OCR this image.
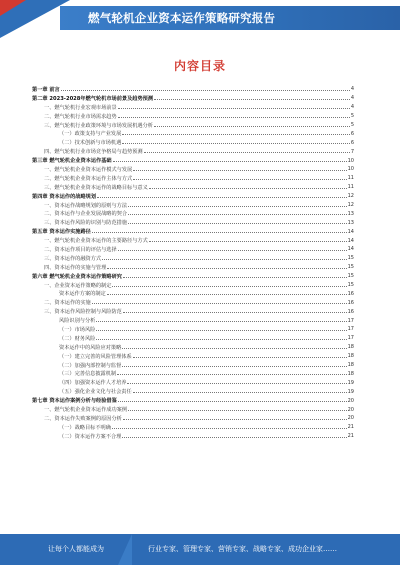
燃气轮机企业资本运作策略研究报告
内容目录
第一章 前言	4
第二章 2023-2028年燃气轮机市场前景及趋势预测	4
一、燃气轮机行业宏观市场前景	4
二、燃气轮机行业市场需求趋势	5
三、燃气轮机行业政策环境与市场发展机遇分析	5
（一）政策支持与产业发展	6
（二）技术创新与市场机遇	6
四、燃气轮机行业市场竞争格局与趋势预测	7
第三章 燃气轮机企业资本运作基础	10
一、燃气轮机企业资本运作模式与发展	10
二、燃气轮机企业资本运作主体与方式	11
三、燃气轮机企业资本运作的战略目标与意义	11
第四章 资本运作的战略规划	12
一、资本运作战略规划的原则与方法	12
二、资本运作与企业发展战略的契合	13
三、资本运作风险的识别与防范措施	13
第五章 资本运作实施路径	14
一、燃气轮机企业资本运作的主要路径与方式	14
二、资本运作项目的评估与选择	14
三、资本运作的融资方式	15
四、资本运作的实施与管理	15
第六章 燃气轮机企业资本运作策略研究	15
一、企业资本运作策略的制定	15
资本运作方案的制定	16
二、资本运作的实施	16
三、资本运作风险控制与风险防范	16
风险识别与分析	17
（一）市场风险	17
（二）财务风险	17
资本运作中的风险应对策略	18
（一）建立完善的风险管理体系	18
（二）加强内部控制与监督	18
（三）完善信息披露机制	18
（四）加强资本运作人才培养	19
（五）强化企业文化与社会责任	19
第七章 资本运作案例分析与经验借鉴	20
一、燃气轮机企业资本运作成功案例	20
二、资本运作失败案例的原因分析	20
（一）战略目标不明确	21
（二）资本运作方案不合理	21
让每个人都能成为	行业专家、管理专家、营销专家、战略专家、成功企业家……
